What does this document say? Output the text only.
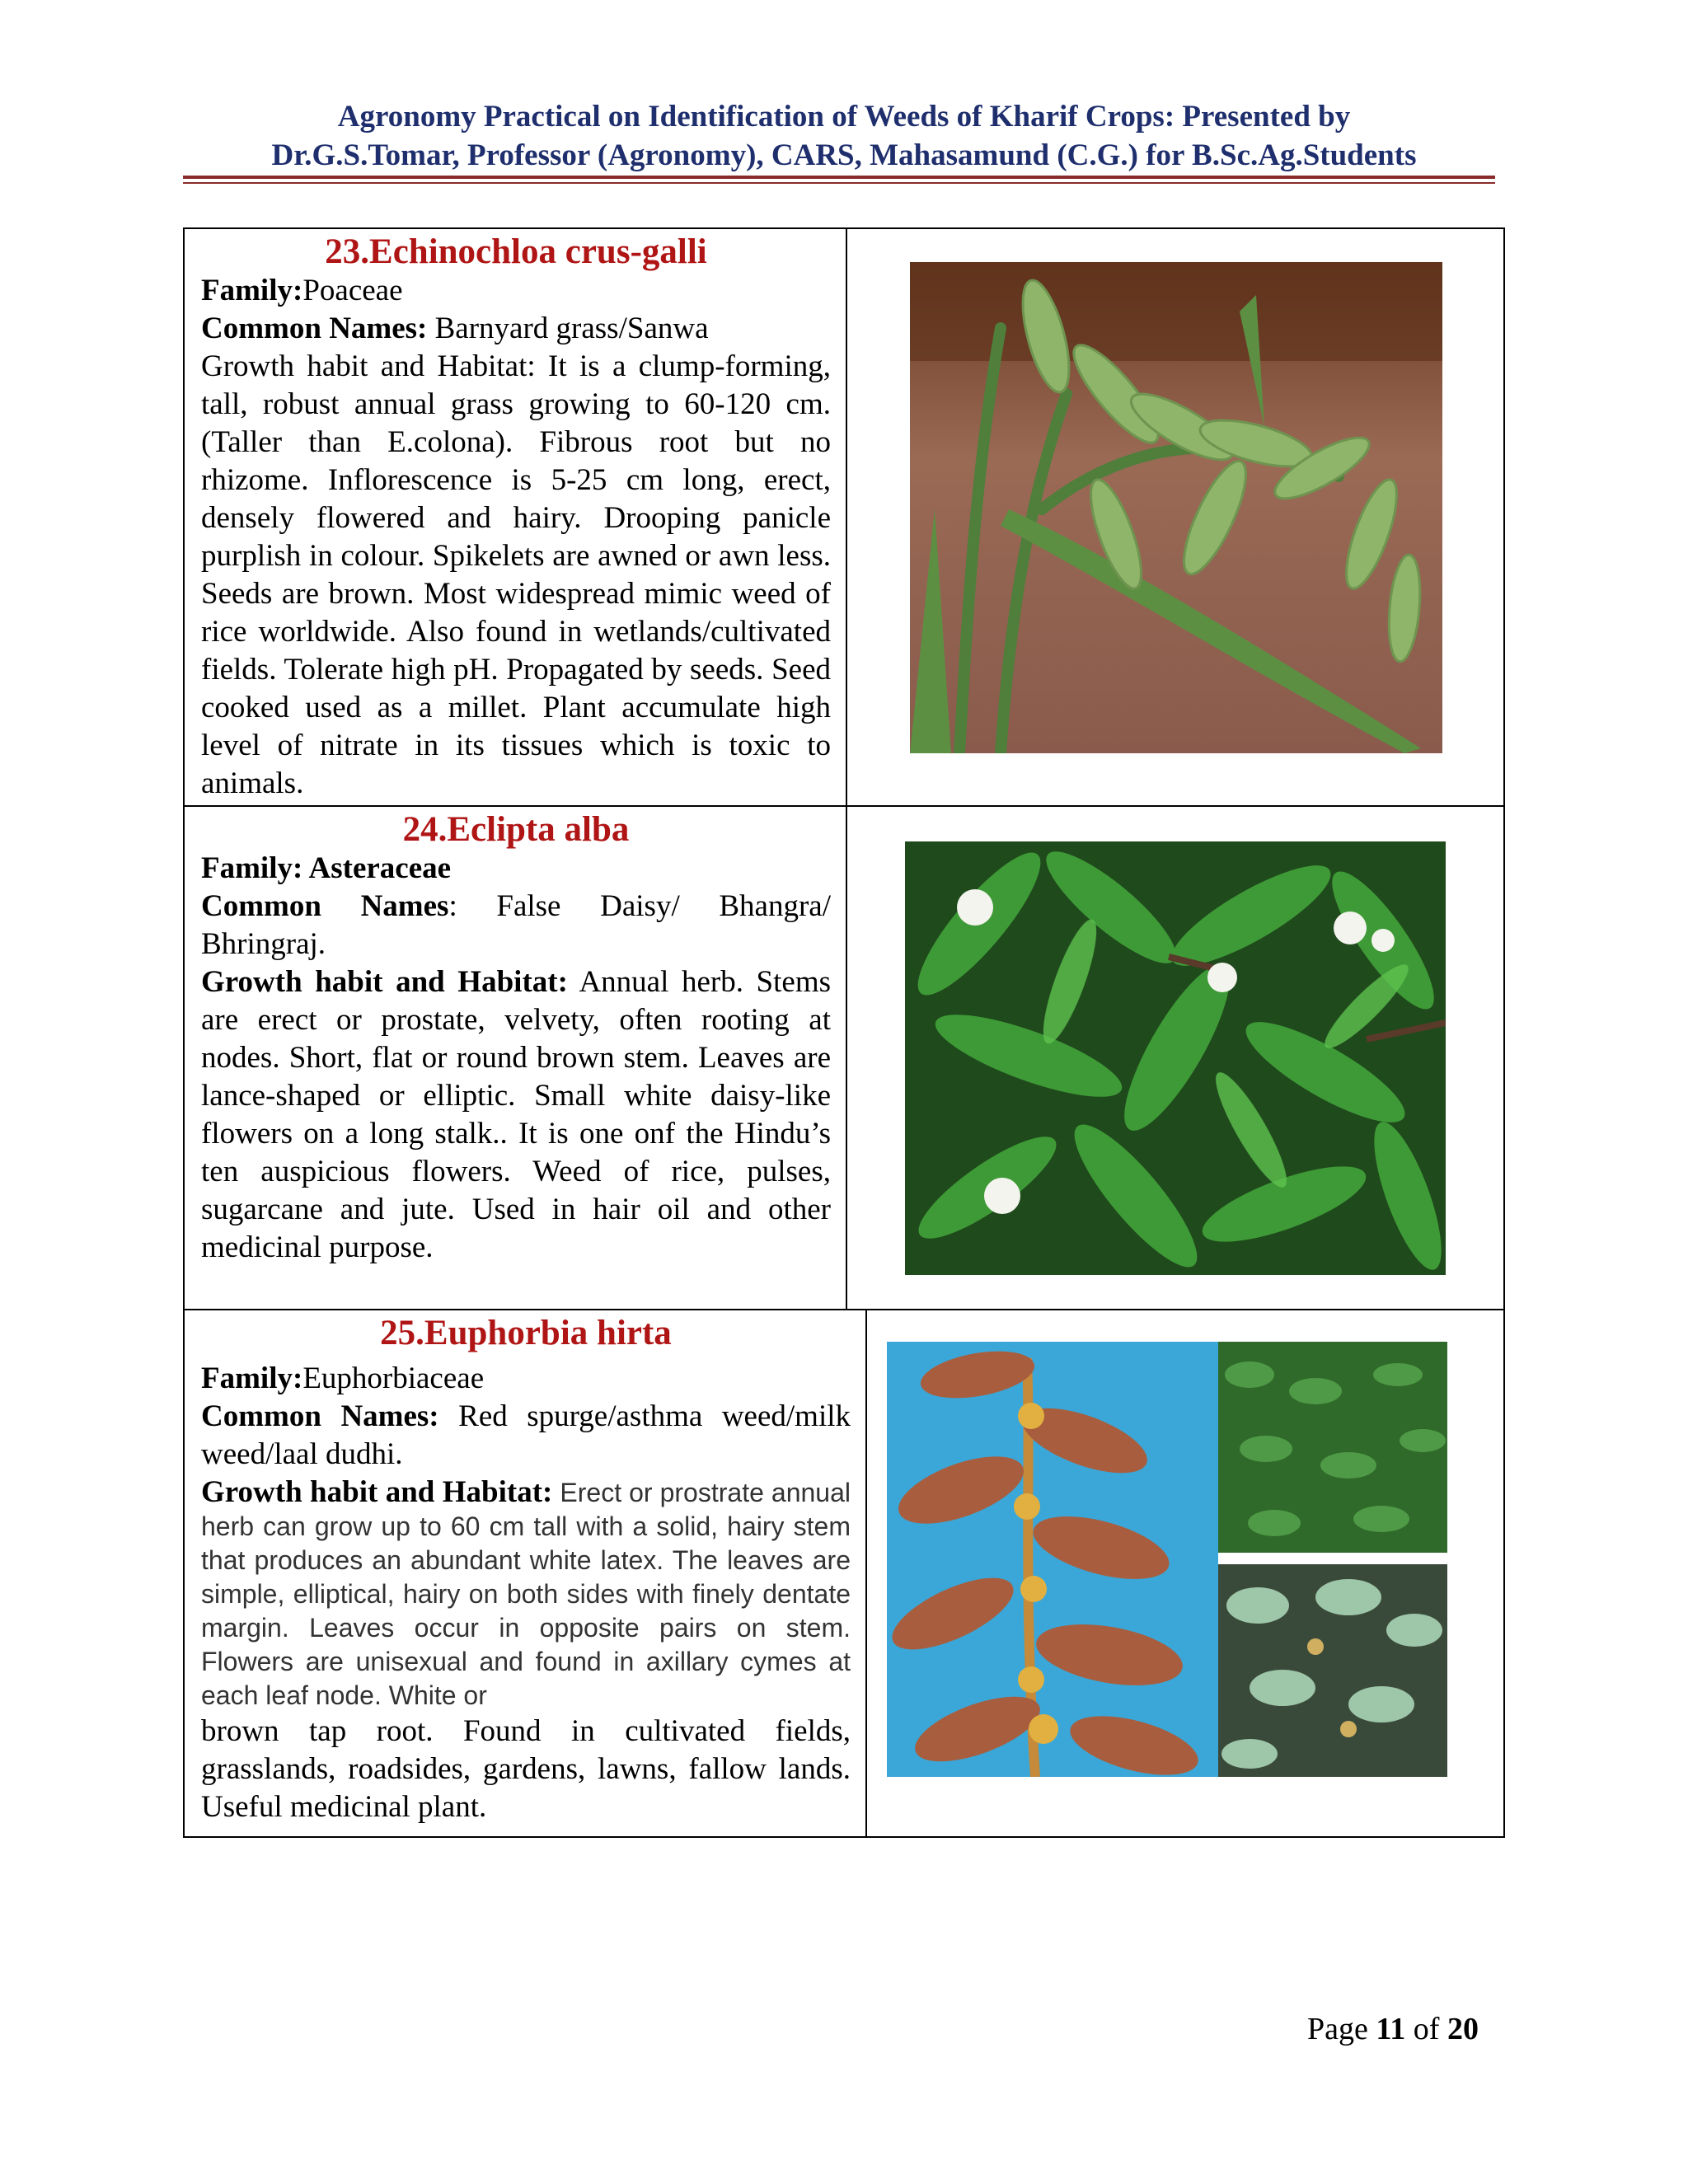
Agronomy Practical on Identification of Weeds of Kharif Crops: Presented by
Dr.G.S.Tomar, Professor (Agronomy), CARS, Mahasamund (C.G.) for B.Sc.Ag.Students
23.Echinochloa crus-galli
Family:Poaceae
Common Names: Barnyard grass/Sanwa
Growth habit and Habitat: It is a clump-forming, tall, robust annual grass growing to 60-120 cm. (Taller than E.colona). Fibrous root but no rhizome. Inflorescence is 5-25 cm long, erect, densely flowered and hairy. Drooping panicle purplish in colour. Spikelets are awned or awn less. Seeds are brown. Most widespread mimic weed of rice worldwide. Also found in wetlands/cultivated fields. Tolerate high pH. Propagated by seeds. Seed cooked used as a millet. Plant accumulate high level of nitrate in its tissues which is toxic to animals.
24.Eclipta alba
Family: Asteraceae
Common Names: False Daisy/ Bhangra/ Bhringraj.
Growth habit and Habitat: Annual herb. Stems are erect or prostate, velvety, often rooting at nodes. Short, flat or round brown stem. Leaves are lance-shaped or elliptic. Small white daisy-like flowers on a long stalk.. It is one onf the Hindu’s ten auspicious flowers. Weed of rice, pulses, sugarcane and jute. Used in hair oil and other medicinal purpose.
25.Euphorbia hirta
Family:Euphorbiaceae
Common Names: Red spurge/asthma weed/milk weed/laal dudhi.
Growth habit and Habitat: Erect or prostrate annual herb can grow up to 60 cm tall with a solid, hairy stem that produces an abundant white latex. The leaves are simple, elliptical, hairy on both sides with finely dentate margin. Leaves occur in opposite pairs on stem. Flowers are unisexual and found in axillary cymes at each leaf node. White or
brown tap root. Found in cultivated fields, grasslands, roadsides, gardens, lawns, fallow lands. Useful medicinal plant.
Page 11 of 20
